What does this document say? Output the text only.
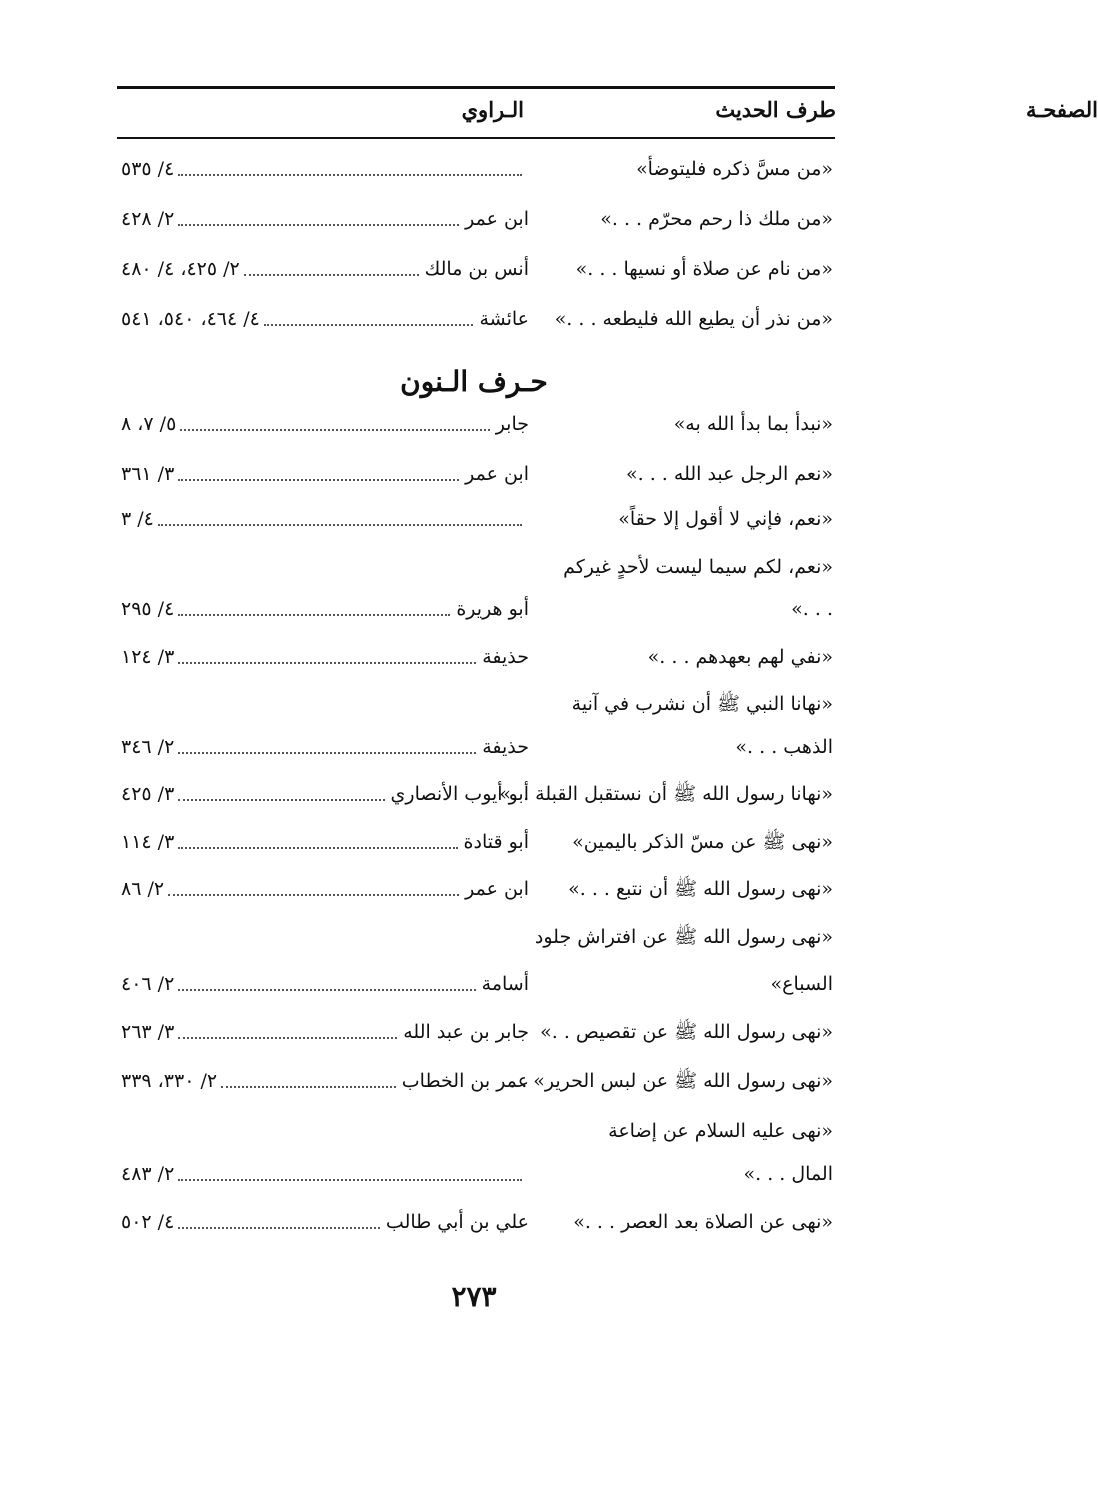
طرف الحديث
الـراوي	الصفحـة
«من مسَّ ذكره فليتوضأ»
٤/ ٥٣٥
«من ملك ذا رحم محرّم . . .»
ابن عمر
٢/ ٤٢٨
«من نام عن صلاة أو نسيها . . .»
أنس بن مالك
٢/ ٤٢٥، ٤/ ٤٨٠
«من نذر أن يطيع الله فليطعه . . .»
عائشة
٤/ ٤٦٤، ٥٤٠، ٥٤١
حـرف الـنون
«نبدأ بما بدأ الله به»
جابر
٥/ ٧، ٨
«نعم الرجل عبد الله . . .»
ابن عمر
٣/ ٣٦١
«نعم، فإني لا أقول إلا حقاً»
٤/ ٣
«نعم، لكم سيما ليست لأحدٍ غيركم
. . .»
أبو هريرة
٤/ ٢٩٥
«نفي لهم بعهدهم . . .»
حذيفة
٣/ ١٢٤
«نهانا النبي ﷺ أن نشرب في آنية
الذهب . . .»
حذيفة
٢/ ٣٤٦
«نهانا رسول الله ﷺ أن نستقبل القبلة . .»
أبو أيوب الأنصاري
٣/ ٤٢٥
«نهى ﷺ عن مسّ الذكر باليمين»
أبو قتادة
٣/ ١١٤
«نهى رسول الله ﷺ أن نتبع . . .»
ابن عمر
٢/ ٨٦
«نهى رسول الله ﷺ عن افتراش جلود
السباع»
أسامة
٢/ ٤٠٦
«نهى رسول الله ﷺ عن تقصيص . .»
جابر بن عبد الله
٣/ ٢٦٣
«نهى رسول الله ﷺ عن لبس الحرير» . .
عمر بن الخطاب
٢/ ٣٣٠، ٣٣٩
«نهى عليه السلام عن إضاعة
المال . . .»
٢/ ٤٨٣
«نهى عن الصلاة بعد العصر . . .»
علي بن أبي طالب
٤/ ٥٠٢
٢٧٣
